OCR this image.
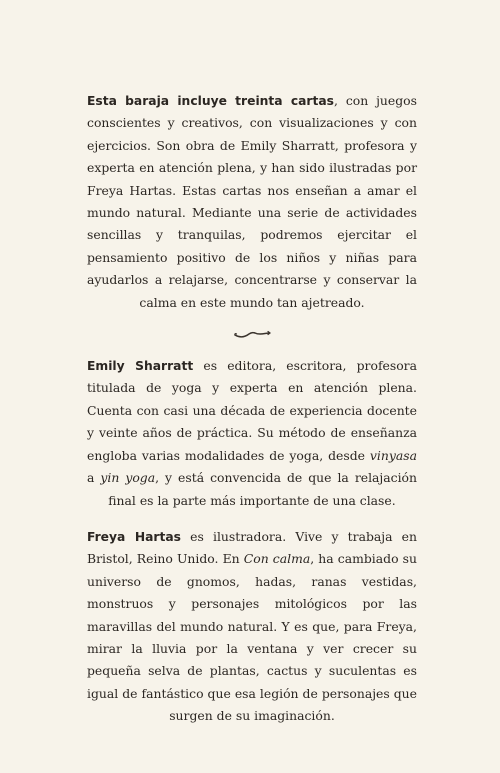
Esta baraja incluye treinta cartas, con juegos conscientes y creativos, con visualizaciones y con ejercicios. Son obra de Emily Sharratt, profesora y experta en atención plena, y han sido ilustradas por Freya Hartas. Estas cartas nos enseñan a amar el mundo natural. Mediante una serie de actividades sencillas y tranquilas, podremos ejercitar el pensamiento positivo de los niños y niñas para ayudarlos a relajarse, concentrarse y conservar la calma en este mundo tan ajetreado.

Emily Sharratt es editora, escritora, profesora titulada de yoga y experta en atención plena. Cuenta con casi una década de experiencia docente y veinte años de práctica. Su método de enseñanza engloba varias modalidades de yoga, desde vinyasa a yin yoga, y está convencida de que la relajación final es la parte más importante de una clase.

Freya Hartas es ilustradora. Vive y trabaja en Bristol, Reino Unido. En Con calma, ha cambiado su universo de gnomos, hadas, ranas vestidas, monstruos y personajes mitológicos por las maravillas del mundo natural. Y es que, para Freya, mirar la lluvia por la ventana y ver crecer su pequeña selva de plantas, cactus y suculentas es igual de fantástico que esa legión de personajes que surgen de su imaginación.
